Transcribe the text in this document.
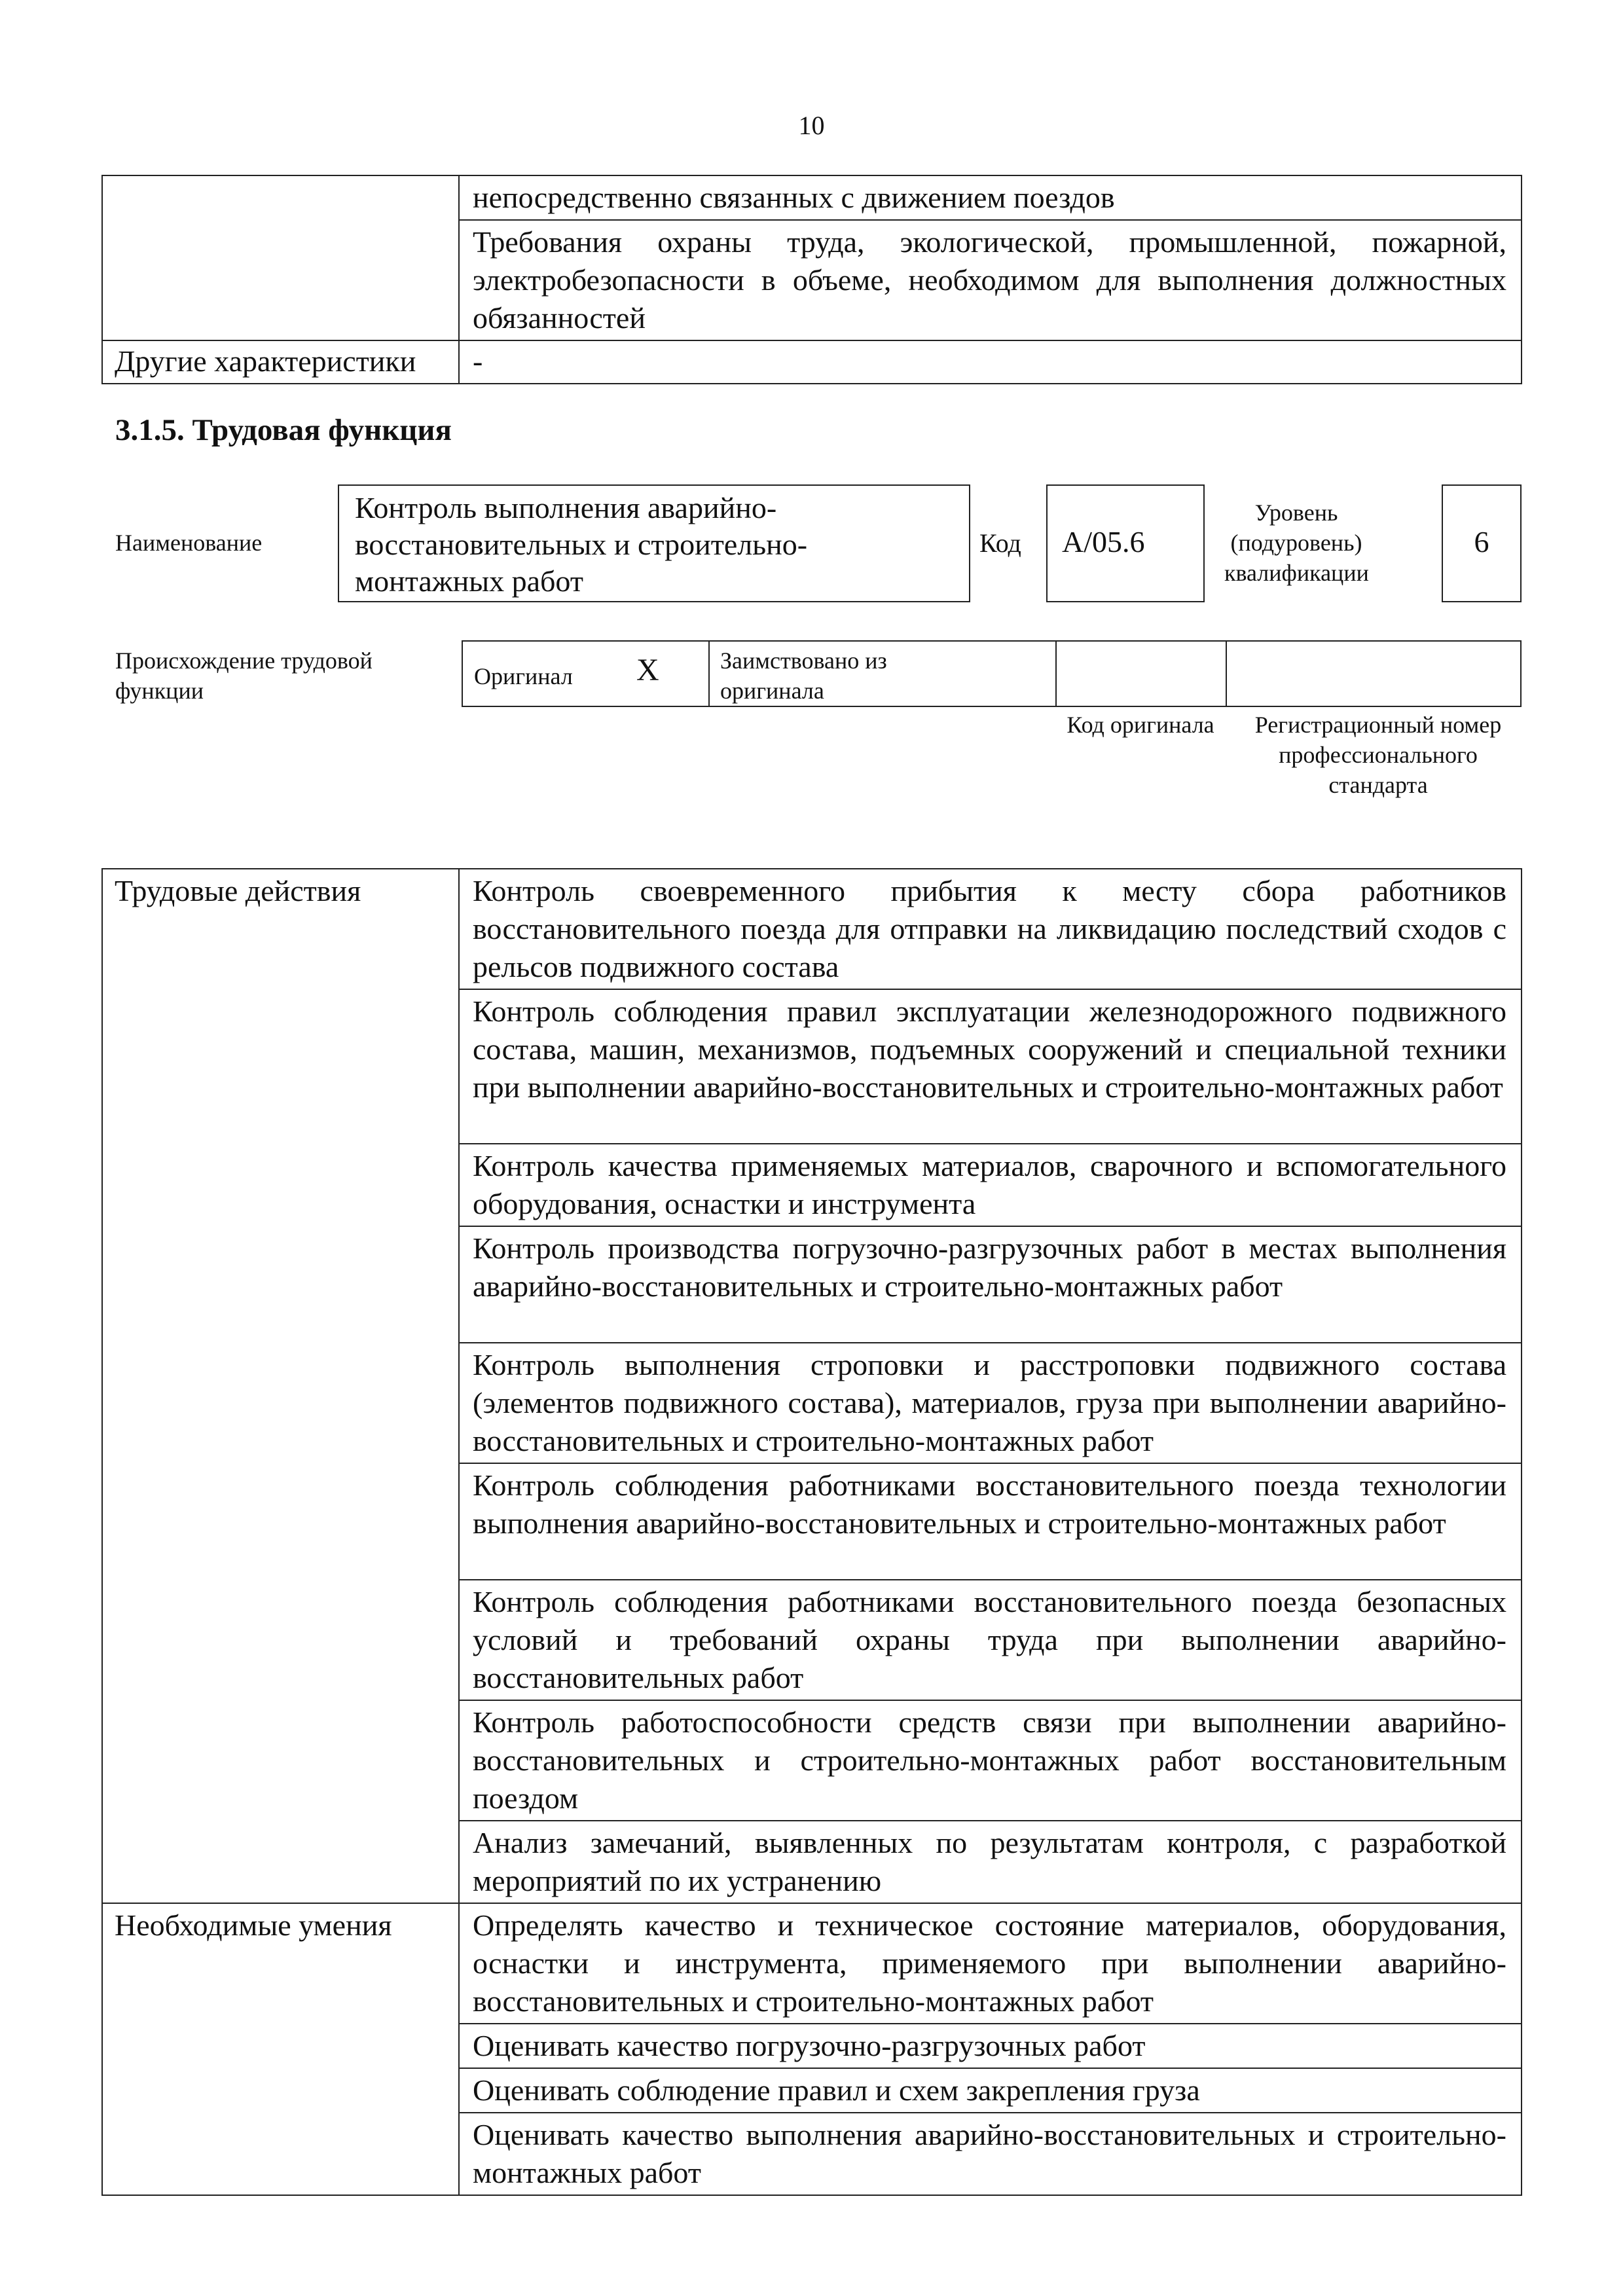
10

	непосредственно связанных с движением поездов

	Требования охраны труда, экологической, промышленной, пожарной, электробезопасности в объеме, необходимом для выполнения должностных обязанностей

Другие характеристики	-
3.1.5. Трудовая функция
Наименование
Контроль выполнения аварийно-восстановительных и строительно-монтажных работ
Код	A/05.6
Уровень (подуровень) квалификации
6
Происхождение трудовой функции
Оригинал X	Заимствовано из оригинала
Код оригинала	Регистрационный номер профессионального стандарта
Трудовые действия	Контроль своевременного прибытия к месту сбора работников восстановительного поезда для отправки на ликвидацию последствий сходов с рельсов подвижного состава

	Контроль соблюдения правил эксплуатации железнодорожного подвижного состава, машин, механизмов, подъемных сооружений и специальной техники при выполнении аварийно-восстановительных и строительно-монтажных работ

	Контроль качества применяемых материалов, сварочного и вспомогательного оборудования, оснастки и инструмента

	Контроль производства погрузочно-разгрузочных работ в местах выполнения аварийно-восстановительных и строительно-монтажных работ

	Контроль выполнения строповки и расстроповки подвижного состава (элементов подвижного состава), материалов, груза при выполнении аварийно-восстановительных и строительно-монтажных работ

	Контроль соблюдения работниками восстановительного поезда технологии выполнения аварийно-восстановительных и строительно-монтажных работ

	Контроль соблюдения работниками восстановительного поезда безопасных условий и требований охраны труда при выполнении аварийно-восстановительных работ

	Контроль работоспособности средств связи при выполнении аварийно-восстановительных и строительно-монтажных работ восстановительным поездом

	Анализ замечаний, выявленных по результатам контроля, с разработкой мероприятий по их устранению

Необходимые умения	Определять качество и техническое состояние материалов, оборудования, оснастки и инструмента, применяемого при выполнении аварийно-восстановительных и строительно-монтажных работ

	Оценивать качество погрузочно-разгрузочных работ

	Оценивать соблюдение правил и схем закрепления груза

	Оценивать качество выполнения аварийно-восстановительных и строительно-монтажных работ
